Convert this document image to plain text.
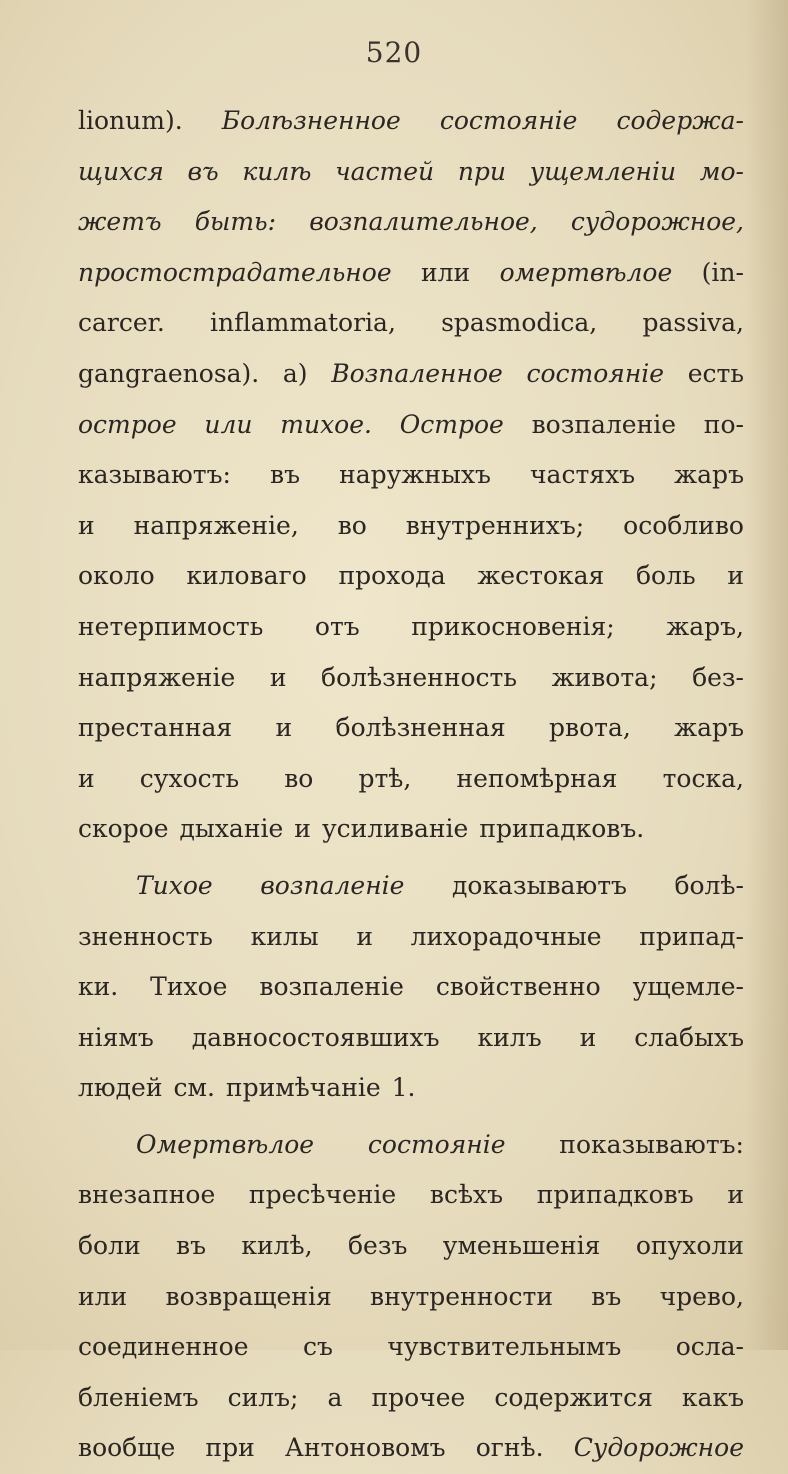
520
lionum). Болѣзненное состояніе содержа-
щихся въ килѣ частей при ущемленіи мо-
жетъ быть: возпалительное, судорожное,
простострадательное или омертвѣлое (in-
carcer. inflammatoria, spasmodica, passiva,
gangraenosa). а) Возпаленное состояніе есть
острое или тихое. Острое возпаленіе по-
казываютъ: въ наружныхъ частяхъ жаръ
и напряженіе, во внутреннихъ; особливо
около киловаго прохода жестокая боль и
нетерпимость отъ прикосновенія; жаръ,
напряженіе и болѣзненность живота; без-
престанная и болѣзненная рвота, жаръ
и сухость во ртѣ, непомѣрная тоска,
скорое дыханіе и усиливаніе припадковъ.
Тихое возпаленіе доказываютъ болѣ-
зненность килы и лихорадочные припад-
ки. Тихое возпаленіе свойственно ущемле-
ніямъ давносостоявшихъ килъ и слабыхъ
людей см. примѣчаніе 1.
Омертвѣлое состояніе показываютъ:
внезапное пресѣченіе всѣхъ припадковъ и
боли въ килѣ, безъ уменьшенія опухоли
или возвращенія внутренности въ чрево,
соединенное съ чувствительнымъ осла-
бленіемъ силъ; а прочее содержится какъ
вообще при Антоновомъ огнѣ. Судорожное
